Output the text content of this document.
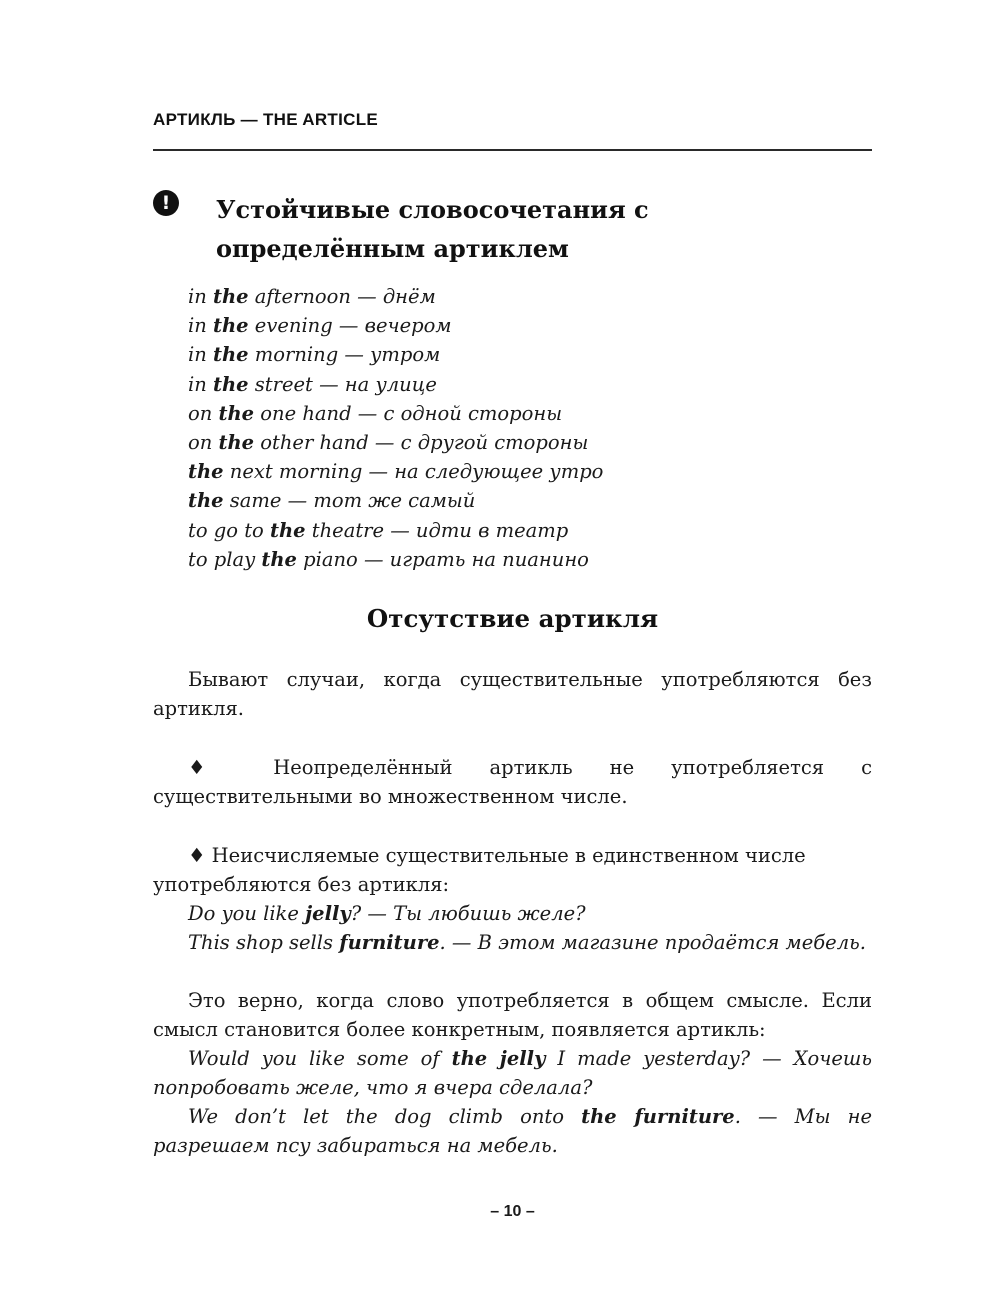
АРТИКЛЬ — THE ARTICLE
!	Устойчивые словосочетания с определённым артиклем
in the afternoon — днём
in the evening — вечером
in the morning — утром
in the street — на улице
on the one hand — с одной стороны
on the other hand — с другой стороны
the next morning — на следующее утро
the same — тот же самый
to go to the theatre — идти в театр
to play the piano — играть на пианино
Отсутствие артикля

Бывают случаи, когда существительные употребляются без артикля.

♦ Неопределённый артикль не употребляется с существительными во множественном числе.

♦ Неисчисляемые существительные в единственном числе употребляются без артикля:

Do you like jelly? — Ты любишь желе?

This shop sells furniture. — В этом магазине продаётся мебель.

Это верно, когда слово употребляется в общем смысле. Если смысл становится более конкретным, появляется артикль:

Would you like some of the jelly I made yesterday? — Хочешь попробовать желе, что я вчера сделала?

We don’t let the dog climb onto the furniture. — Мы не разрешаем псу забираться на мебель.

– 10 –
